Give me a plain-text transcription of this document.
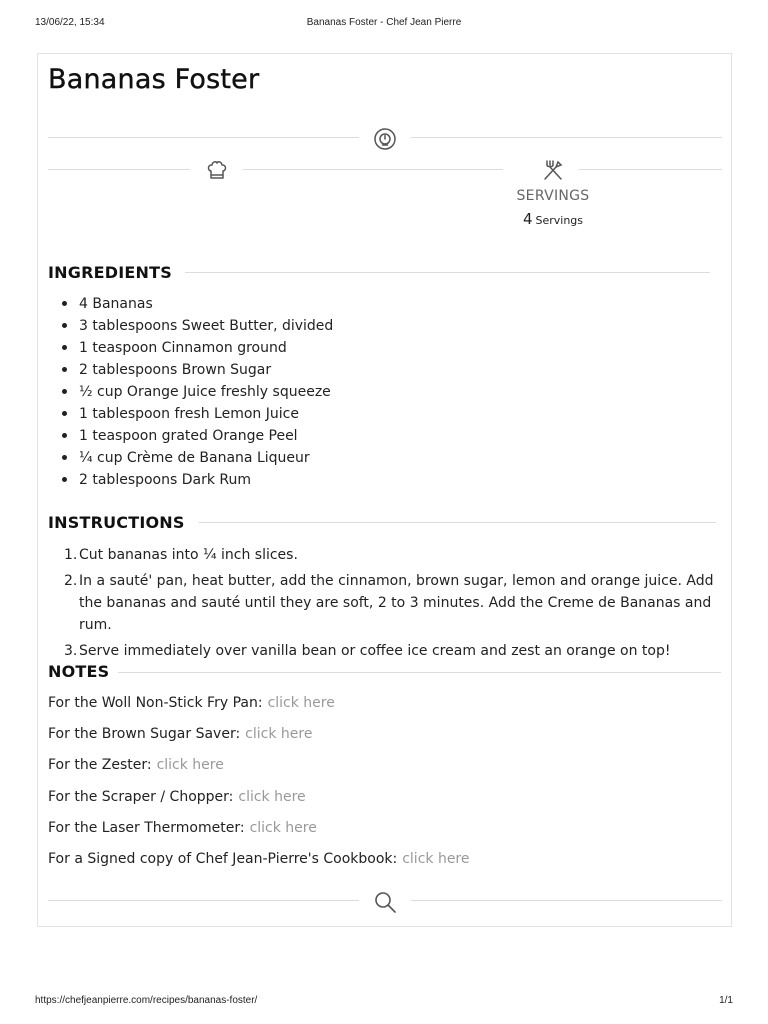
13/06/22, 15:34	Bananas Foster - Chef Jean Pierre
Bananas Foster
SERVINGS
4 Servings
INGREDIENTS
4 Bananas
3 tablespoons Sweet Butter, divided
1 teaspoon Cinnamon ground
2 tablespoons Brown Sugar
½ cup Orange Juice freshly squeeze
1 tablespoon fresh Lemon Juice
1 teaspoon grated Orange Peel
¼ cup Crème de Banana Liqueur
2 tablespoons Dark Rum
INSTRUCTIONS
1. Cut bananas into ¼ inch slices.
2. In a sauté' pan, heat butter, add the cinnamon, brown sugar, lemon and orange juice. Add the bananas and sauté until they are soft, 2 to 3 minutes. Add the Creme de Bananas and rum.
3. Serve immediately over vanilla bean or coffee ice cream and zest an orange on top!
NOTES
For the Woll Non-Stick Fry Pan: click here
For the Brown Sugar Saver: click here
For the Zester: click here
For the Scraper / Chopper: click here
For the Laser Thermometer: click here
For a Signed copy of Chef Jean-Pierre's Cookbook: click here
https://chefjeanpierre.com/recipes/bananas-foster/	1/1
